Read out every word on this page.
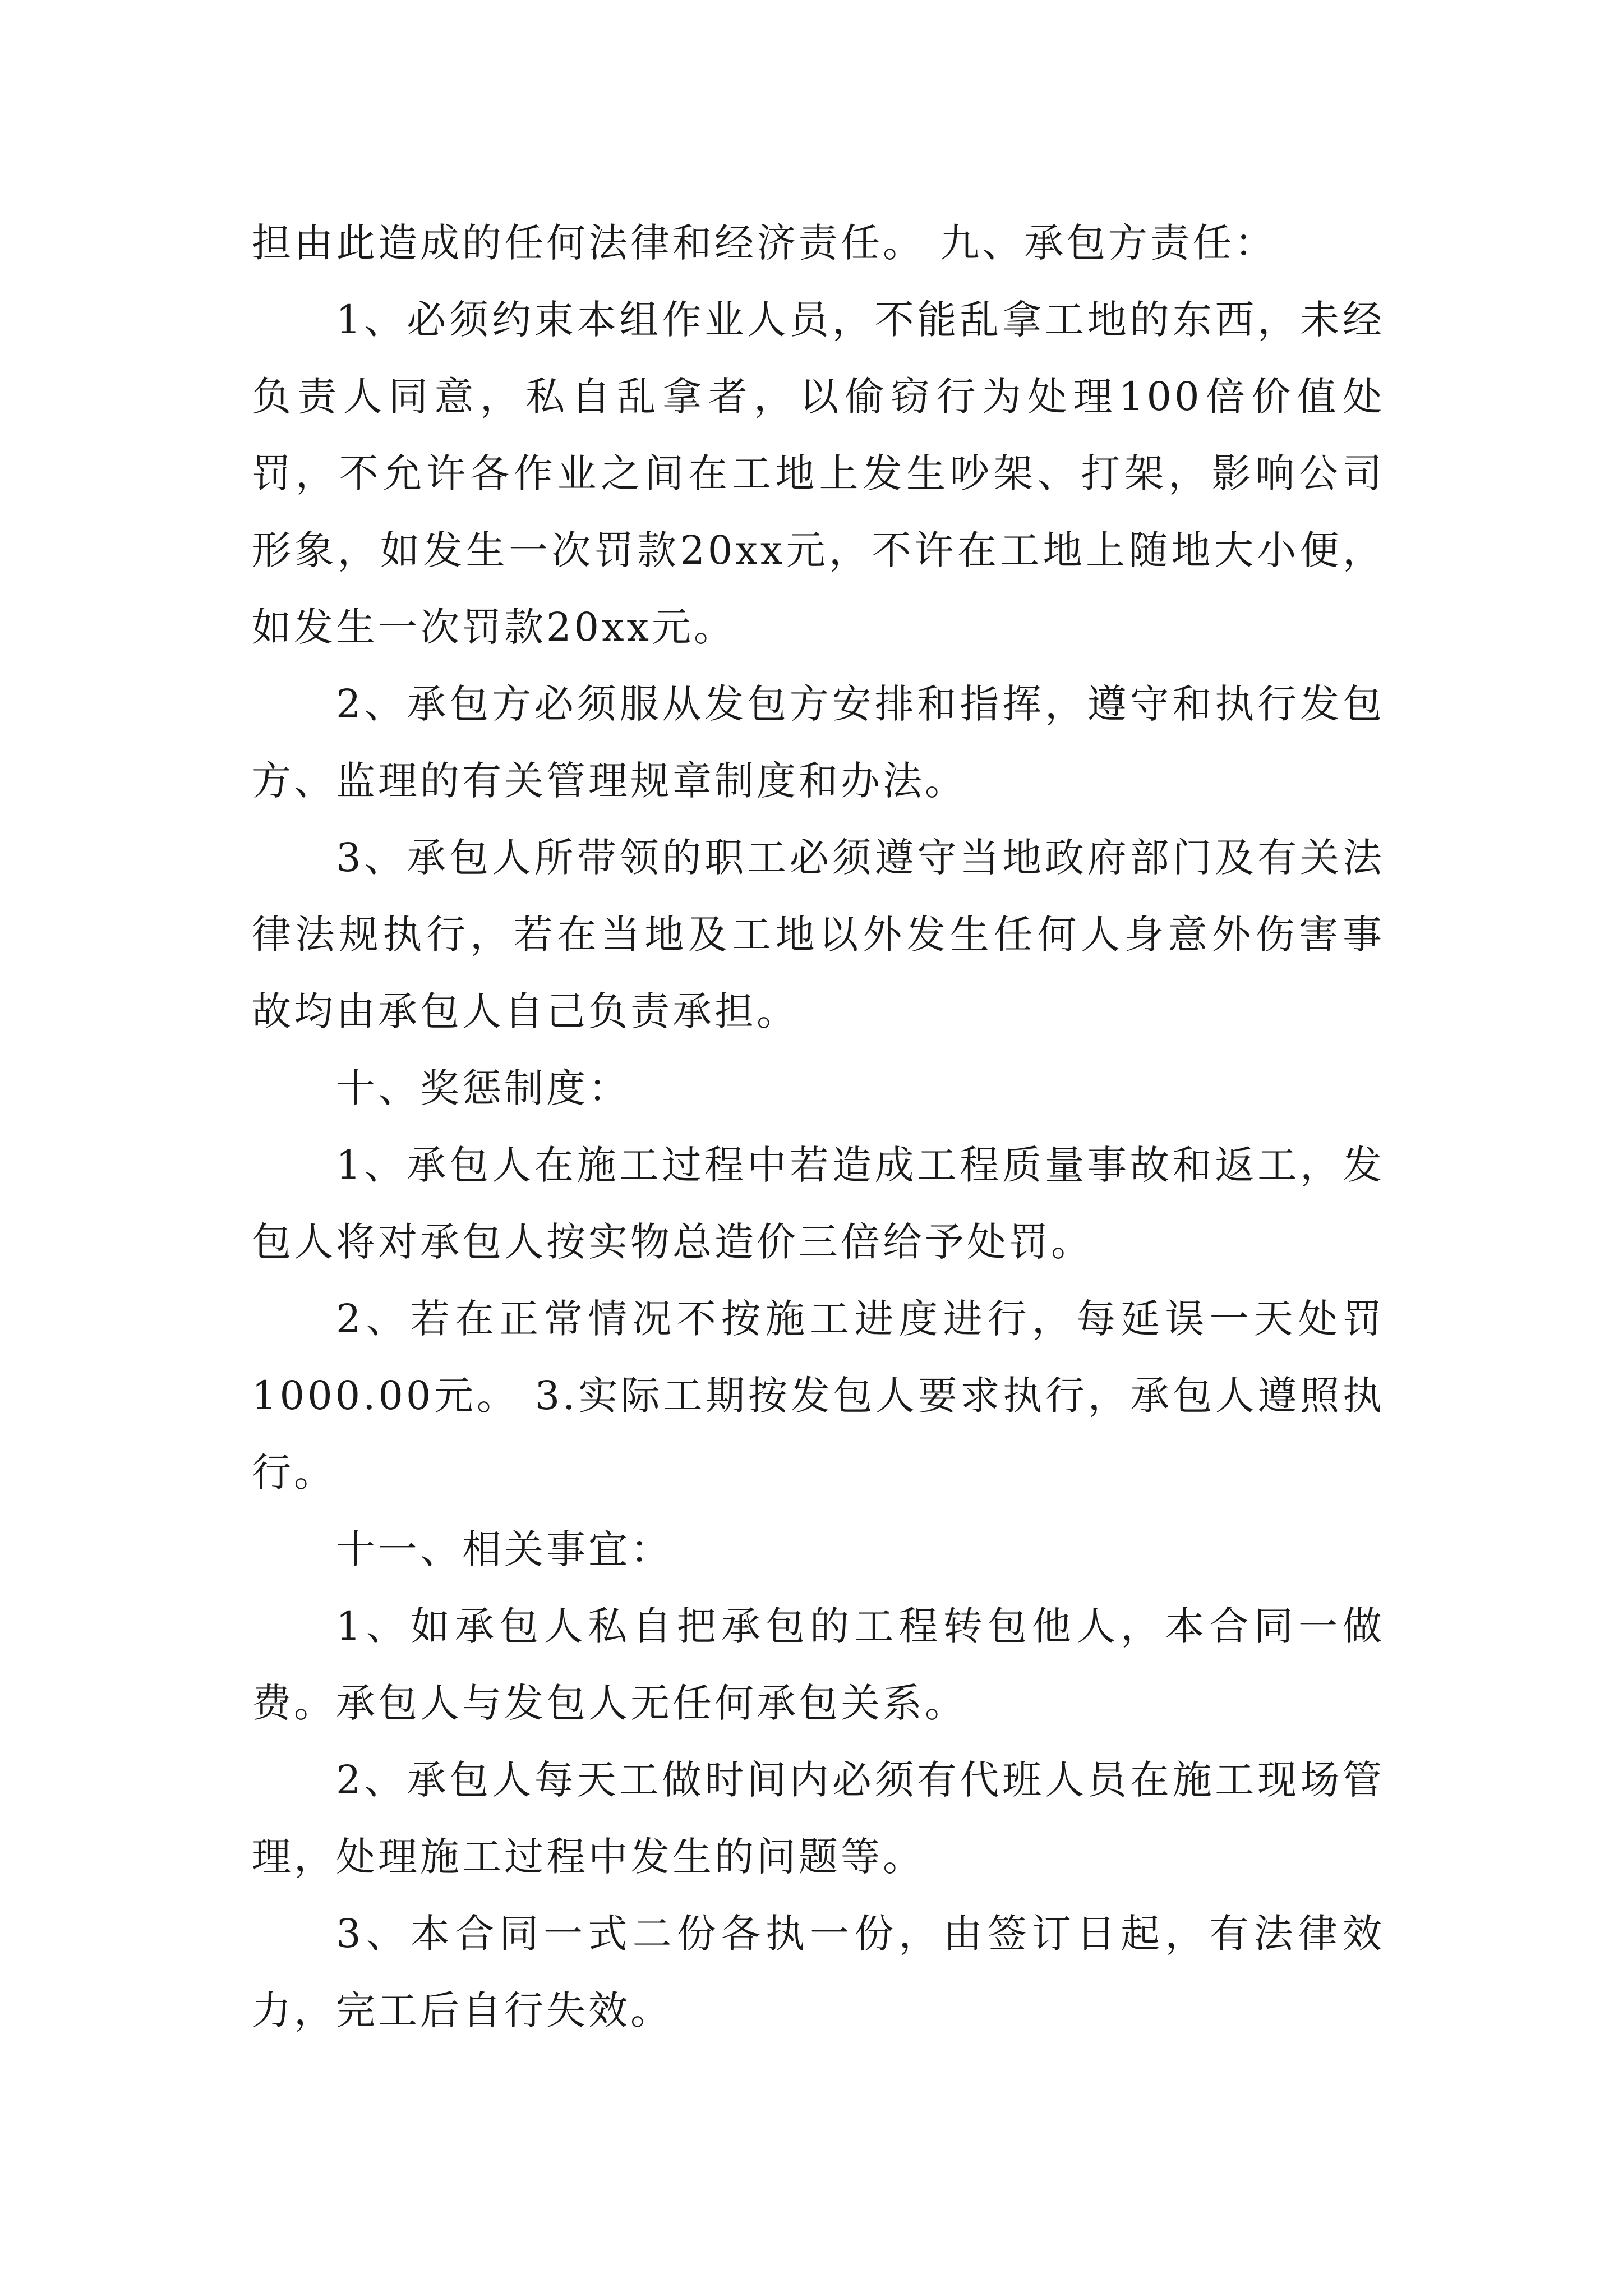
担由此造成的任何法律和经济责任。 九、承包方责任：

1、必须约束本组作业人员，不能乱拿工地的东西，未经负责人同意，私自乱拿者，以偷窃行为处理100倍价值处罚，不允许各作业之间在工地上发生吵架、打架，影响公司形象，如发生一次罚款20xx元，不许在工地上随地大小便，如发生一次罚款20xx元。

2、承包方必须服从发包方安排和指挥，遵守和执行发包方、监理的有关管理规章制度和办法。

3、承包人所带领的职工必须遵守当地政府部门及有关法律法规执行，若在当地及工地以外发生任何人身意外伤害事故均由承包人自己负责承担。

十、奖惩制度：

1、承包人在施工过程中若造成工程质量事故和返工，发包人将对承包人按实物总造价三倍给予处罚。

2、若在正常情况不按施工进度进行，每延误一天处罚1000.00元。 3.实际工期按发包人要求执行，承包人遵照执行。

十一、相关事宜：

1、如承包人私自把承包的工程转包他人，本合同一做费。承包人与发包人无任何承包关系。

2、承包人每天工做时间内必须有代班人员在施工现场管理，处理施工过程中发生的问题等。

3、本合同一式二份各执一份，由签订日起，有法律效力，完工后自行失效。
